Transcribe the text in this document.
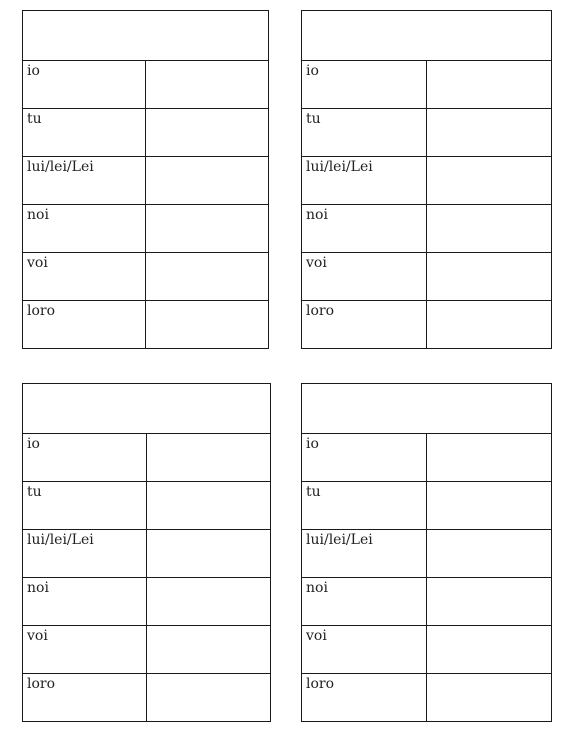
io	
tu	
lui/lei/Lei	
noi	
voi	
loro	

io	
tu	
lui/lei/Lei	
noi	
voi	
loro	

io	
tu	
lui/lei/Lei	
noi	
voi	
loro	

io	
tu	
lui/lei/Lei	
noi	
voi	
loro	
